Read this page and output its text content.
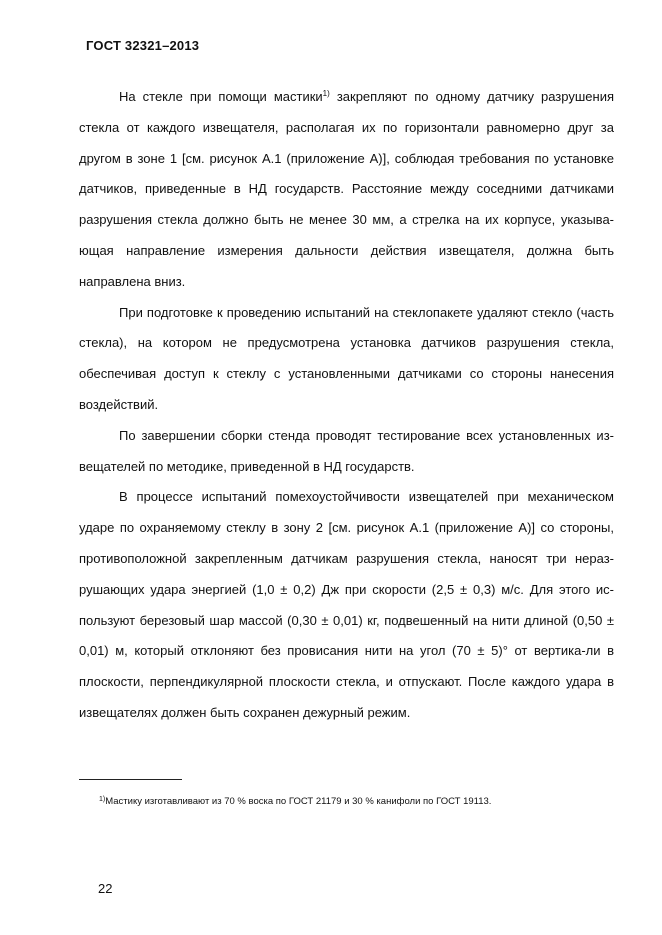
ГОСТ 32321–2013

На стекле при помощи мастики$^{1)}$ закрепляют по одному датчику разрушения стекла от каждого извещателя, располагая их по горизонтали равномерно друг за другом в зоне 1 [см. рисунок А.1 (приложение А)], соблюдая требования по установке датчиков, приведенные в НД государств. Расстояние между соседними датчиками разрушения стекла должно быть не менее 30 мм, а стрелка на их корпусе, указыва-ющая направление измерения дальности действия извещателя, должна быть направлена вниз.

При подготовке к проведению испытаний на стеклопакете удаляют стекло (часть стекла), на котором не предусмотрена установка датчиков разрушения стекла, обеспечивая доступ к стеклу с установленными датчиками со стороны нанесения воздействий.

По завершении сборки стенда проводят тестирование всех установленных из-вещателей по методике, приведенной в НД государств.

В процессе испытаний помехоустойчивости извещателей при механическом ударе по охраняемому стеклу в зону 2 [см. рисунок А.1 (приложение А)] со стороны, противоположной закрепленным датчикам разрушения стекла, наносят три нераз-рушающих удара энергией (1,0 ± 0,2) Дж при скорости (2,5 ± 0,3) м/с. Для этого ис-пользуют березовый шар массой (0,30 ± 0,01) кг, подвешенный на нити длиной (0,50 ± 0,01) м, который отклоняют без провисания нити на угол (70 ± 5)° от вертика-ли в плоскости, перпендикулярной плоскости стекла, и отпускают. После каждого удара в извещателях должен быть сохранен дежурный режим.

$^{1)}$Мастику изготавливают из 70 % воска по ГОСТ 21179 и 30 % канифоли по ГОСТ 19113.
22
